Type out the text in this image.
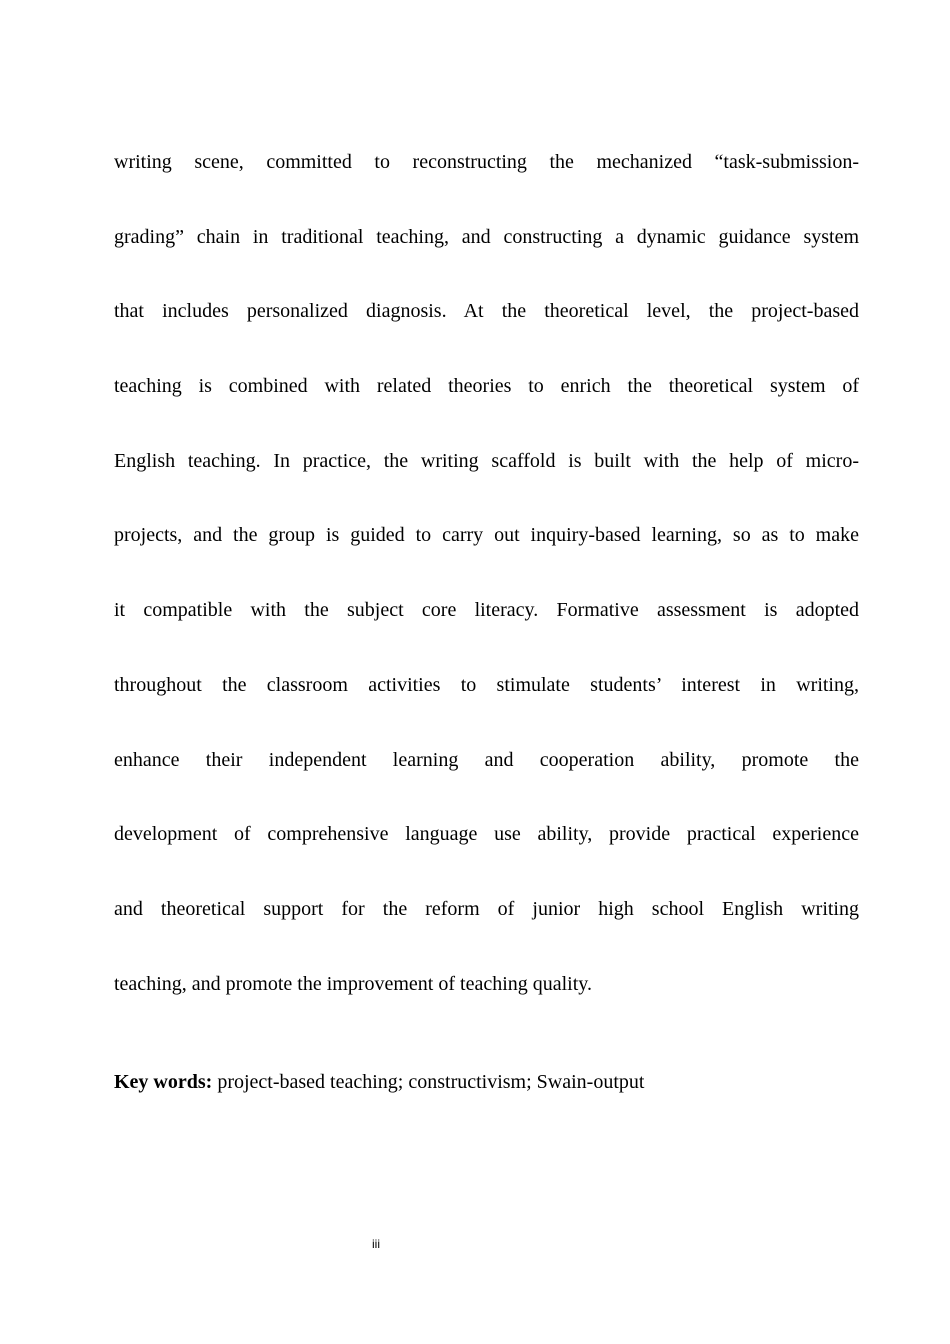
writing scene, committed to reconstructing the mechanized “task-submission-
grading” chain in traditional teaching, and constructing a dynamic guidance system
that includes personalized diagnosis. At the theoretical level, the project-based
teaching is combined with related theories to enrich the theoretical system of
English teaching. In practice, the writing scaffold is built with the help of micro-
projects, and the group is guided to carry out inquiry-based learning, so as to make
it compatible with the subject core literacy. Formative assessment is adopted
throughout the classroom activities to stimulate students’ interest in writing,
enhance their independent learning and cooperation ability, promote the
development of comprehensive language use ability, provide practical experience
and theoretical support for the reform of junior high school English writing
teaching, and promote the improvement of teaching quality.

Key words: project-based teaching; constructivism; Swain-output

iii
